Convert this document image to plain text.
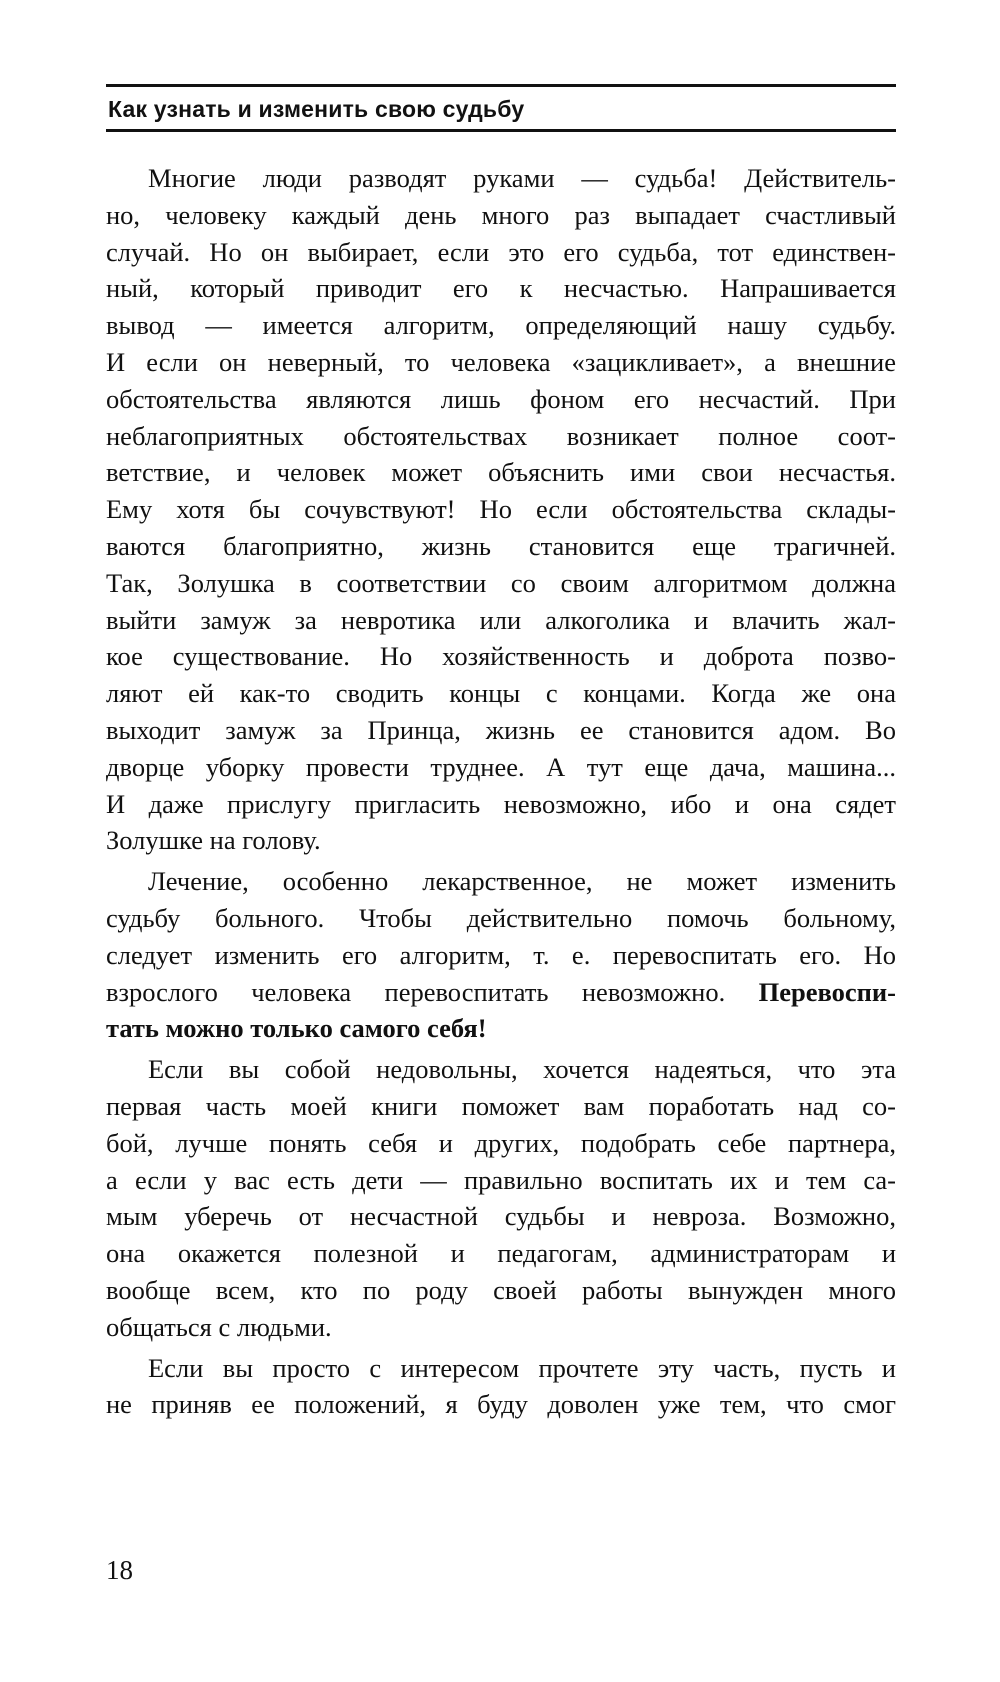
Как узнать и изменить свою судьбу
Многие люди разводят руками — судьба! Действитель-
но, человеку каждый день много раз выпадает счастливый
случай. Но он выбирает, если это его судьба, тот единствен-
ный, который приводит его к несчастью. Напрашивается
вывод — имеется алгоритм, определяющий нашу судьбу.
И если он неверный, то человека «зацикливает», а внешние
обстоятельства являются лишь фоном его несчастий. При
неблагоприятных обстоятельствах возникает полное соот-
ветствие, и человек может объяснить ими свои несчастья.
Ему хотя бы сочувствуют! Но если обстоятельства склады-
ваются благоприятно, жизнь становится еще трагичней.
Так, Золушка в соответствии со своим алгоритмом должна
выйти замуж за невротика или алкоголика и влачить жал-
кое существование. Но хозяйственность и доброта позво-
ляют ей как-то сводить концы с концами. Когда же она
выходит замуж за Принца, жизнь ее становится адом. Во
дворце уборку провести труднее. А тут еще дача, машина...
И даже прислугу пригласить невозможно, ибо и она сядет
Золушке на голову.
Лечение, особенно лекарственное, не может изменить
судьбу больного. Чтобы действительно помочь больному,
следует изменить его алгоритм, т. е. перевоспитать его. Но
взрослого человека перевоспитать невозможно. Перевоспи-
тать можно только самого себя!
Если вы собой недовольны, хочется надеяться, что эта
первая часть моей книги поможет вам поработать над со-
бой, лучше понять себя и других, подобрать себе партнера,
а если у вас есть дети — правильно воспитать их и тем са-
мым уберечь от несчастной судьбы и невроза. Возможно,
она окажется полезной и педагогам, администраторам и
вообще всем, кто по роду своей работы вынужден много
общаться с людьми.
Если вы просто с интересом прочтете эту часть, пусть и
не приняв ее положений, я буду доволен уже тем, что смог
18
